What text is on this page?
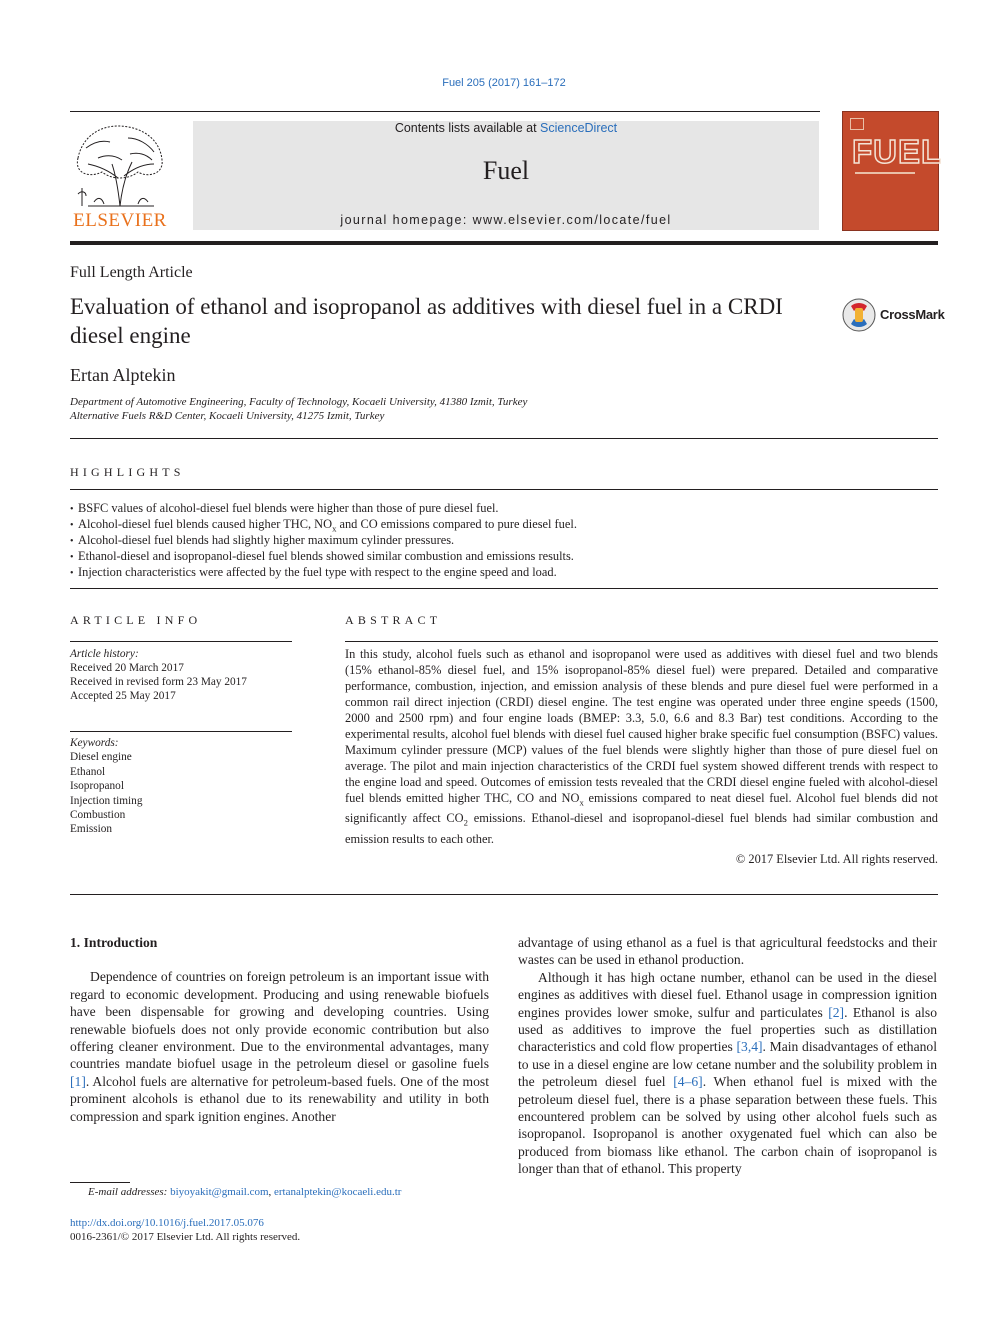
Fuel 205 (2017) 161–172
ELSEVIER
Contents lists available at ScienceDirect
Fuel
journal homepage: www.elsevier.com/locate/fuel
FUEL
Full Length Article
Evaluation of ethanol and isopropanol as additives with diesel fuel in a CRDI diesel engine
CrossMark
Ertan Alptekin
Department of Automotive Engineering, Faculty of Technology, Kocaeli University, 41380 Izmit, Turkey
Alternative Fuels R&D Center, Kocaeli University, 41275 Izmit, Turkey
HIGHLIGHTS
• BSFC values of alcohol-diesel fuel blends were higher than those of pure diesel fuel.
• Alcohol-diesel fuel blends caused higher THC, $NO_x$ and CO emissions compared to pure diesel fuel.
• Alcohol-diesel fuel blends had slightly higher maximum cylinder pressures.
• Ethanol-diesel and isopropanol-diesel fuel blends showed similar combustion and emissions results.
• Injection characteristics were affected by the fuel type with respect to the engine speed and load.
ARTICLE INFO
Article history:
Received 20 March 2017
Received in revised form 23 May 2017
Accepted 25 May 2017
Keywords:
Diesel engine
Ethanol
Isopropanol
Injection timing
Combustion
Emission
ABSTRACT
In this study, alcohol fuels such as ethanol and isopropanol were used as additives with diesel fuel and two blends (15% ethanol-85% diesel fuel, and 15% isopropanol-85% diesel fuel) were prepared. Detailed and comparative performance, combustion, injection, and emission analysis of these blends and pure diesel fuel were performed in a common rail direct injection (CRDI) diesel engine. The test engine was operated under three engine speeds (1500, 2000 and 2500 rpm) and four engine loads (BMEP: 3.3, 5.0, 6.6 and 8.3 Bar) test conditions. According to the experimental results, alcohol fuel blends with diesel fuel caused higher brake specific fuel consumption (BSFC) values. Maximum cylinder pressure (MCP) values of the fuel blends were slightly higher than those of pure diesel fuel on average. The pilot and main injection characteristics of the CRDI fuel system showed different trends with respect to the engine load and speed. Outcomes of emission tests revealed that the CRDI diesel engine fueled with alcohol-diesel fuel blends emitted higher THC, CO and $NO_x$ emissions compared to neat diesel fuel. Alcohol fuel blends did not significantly affect $CO_2$ emissions. Ethanol-diesel and isopropanol-diesel fuel blends had similar combustion and emission results to each other.
© 2017 Elsevier Ltd. All rights reserved.
1. Introduction

Dependence of countries on foreign petroleum is an important issue with regard to economic development. Producing and using renewable biofuels have been dispensable for growing and developing countries. Using renewable biofuels does not only provide economic contribution but also offering cleaner environment. Due to the environmental advantages, many countries mandate biofuel usage in the petroleum diesel or gasoline fuels [1]. Alcohol fuels are alternative for petroleum-based fuels. One of the most prominent alcohols is ethanol due to its renewability and utility in both compression and spark ignition engines. Another

advantage of using ethanol as a fuel is that agricultural feedstocks and their wastes can be used in ethanol production.

Although it has high octane number, ethanol can be used in the diesel engines as additives with diesel fuel. Ethanol usage in compression ignition engines provides lower smoke, sulfur and particulates [2]. Ethanol is also used as additives to improve the fuel properties such as distillation characteristics and cold flow properties [3,4]. Main disadvantages of ethanol to use in a diesel engine are low cetane number and the solubility problem in the petroleum diesel fuel [4–6]. When ethanol fuel is mixed with the petroleum diesel fuel, there is a phase separation between these fuels. This encountered problem can be solved by using other alcohol fuels such as isopropanol. Isopropanol is another oxygenated fuel which can also be produced from biomass like ethanol. The carbon chain of isopropanol is longer than that of ethanol. This property

E-mail addresses: biyoyakit@gmail.com, ertanalptekin@kocaeli.edu.tr
http://dx.doi.org/10.1016/j.fuel.2017.05.076
0016-2361/© 2017 Elsevier Ltd. All rights reserved.
